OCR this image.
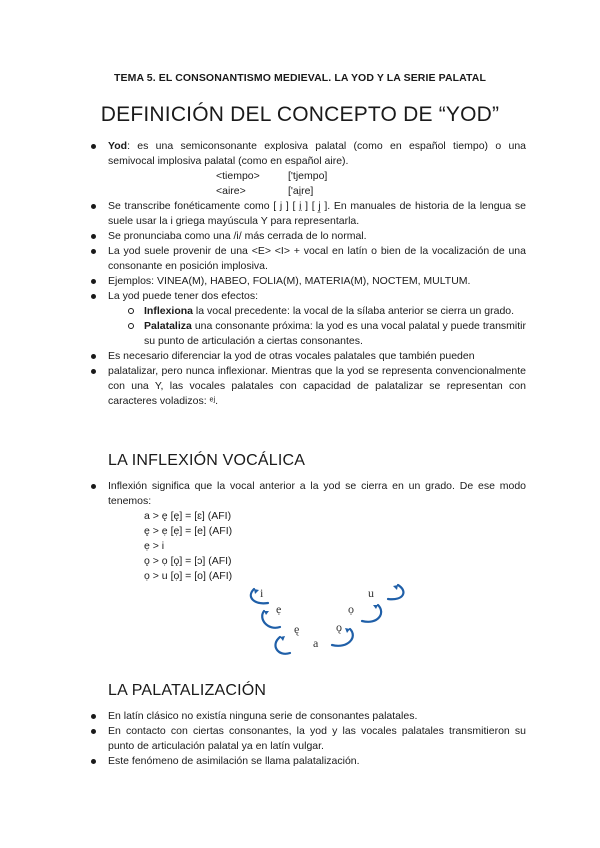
TEMA 5. EL CONSONANTISMO MEDIEVAL. LA YOD Y LA SERIE PALATAL
DEFINICIÓN DEL CONCEPTO DE “YOD”
Yod: es una semiconsonante explosiva palatal (como en español tiempo) o una semivocal implosiva palatal (como en español aire).
<tiempo>	['tjempo]
<aire>	['ai̯re]
Se transcribe fonéticamente como [ j ] [ i̯ ] [ j̯ ]. En manuales de historia de la lengua se suele usar la i griega mayúscula Y para representarla.
Se pronunciaba como una /i/ más cerrada de lo normal.
La yod suele provenir de una <E> <I> + vocal en latín o bien de la vocalización de una consonante en posición implosiva.
Ejemplos: VINEA(M), HABEO, FOLIA(M), MATERIA(M), NOCTEM, MULTUM.
La yod puede tener dos efectos:
Inflexiona la vocal precedente: la vocal de la sílaba anterior se cierra un grado.
Palataliza una consonante próxima: la yod es una vocal palatal y puede transmitir su punto de articulación a ciertas consonantes.
Es necesario diferenciar la yod de otras vocales palatales que también pueden
palatalizar, pero nunca inflexionar. Mientras que la yod se representa convencionalmente con una Y, las vocales palatales con capacidad de palatalizar se representan con caracteres voladizos: ᵉʲ.
LA INFLEXIÓN VOCÁLICA
Inflexión significa que la vocal anterior a la yod se cierra en un grado. De ese modo tenemos:
a > ę [ę] = [ɛ] (AFI)
ę > ẹ [ẹ] = [e] (AFI)
ẹ > i
ǫ > ọ [ǫ] = [ɔ] (AFI)
ọ > u [ọ] = [o] (AFI)
i
ẹ
ę
a
ǫ
ọ
u
LA PALATALIZACIÓN
En latín clásico no existía ninguna serie de consonantes palatales.
En contacto con ciertas consonantes, la yod y las vocales palatales transmitieron su punto de articulación palatal ya en latín vulgar.
Este fenómeno de asimilación se llama palatalización.
